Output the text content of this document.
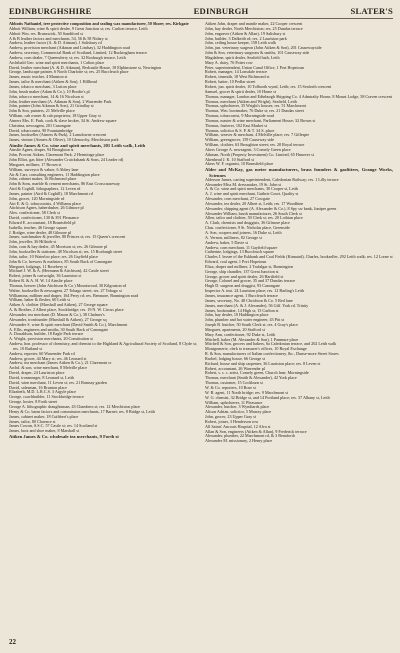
EDINBURGHSHIRE	EDINBURGH	SLATER'S

Abbotts Nathaniel, tree protective composition and sealing wax manufacturer, 50 Shore; res. Kirkgate

Abbott William, wine & spirit dealer, 9 Great Junction st; res. Carlton terrace, Leith

Abbott Wm. res. Brunswick, 50 Sandiford st

A & B leather factors and merchants, 54, 56 & 58 Nidary st

Andrew, leather factor (A. & D. Aitman), 1 Salisbury rd

Andrew, provision merchant (Aikman and Lindsay), 32 Haddington road

Andrew, secretary, Commercial Bank of Scotland, Limited, 12 Buckingham terrace

Andrew, corn dealer, 7 Queensferry st; res. 32 Roxburgh terrace, Leith

Archibald Geo. wine and spirit merchants, 1 Calton place

David, leather merchant (A. & D. Aikman), Redcastle House, 18 Elphinstone st, Newington

George, landscape painter, 6 North Charlotte st; res. 25 Buccleuch place

James, music teacher, 4 Mansion st

James, tailor & merchant (Aitken & Son), 1 Hillhead

James, tobacco merchant, 3 Lutton place

John, brush maker (Adam & Co.), 10 Brodie's pl

John, tobacco merchant, 14 & 16 Nicolson st

John, leather merchant (A. Aikman & Son), 2 Warrender Park

John, painter (John Aikman & Son), 21 Grindlay st

John & Son, painters, 21 Melville place

William, cab owner & cab proprietor, 18 Upper Gray st

Aimers Mrs. E. Park, cook & slave broker, 34 St. Andrew square

Christina, newsagent, 201 Canongate

David, tobacconist, 90 Fountainbridge

James, bookseller (Aimers & Park), 2 Lansdowne crescent

James, vintner (Aimers & Oliver), 10 Glenorchy, Merchiston park

Ainslie James & Co. wine and spirit merchants, 201 Leith walk, Leith

Ainslie Agnes, draper, 94 Broughton st

John, Provost Aitken, Claremont Park, 2 Hermitage place

John Elliot, gas fitter (Alexander Cruickshank & Sons, 24 Leader rd)

Margaret, milliner, 17 Brown st

William, surveyor & valuer, 6 Abbey lane

Air & Carr, consulting engineers, 11 Haddington place

John, cabinet maker, 16 Richmond place

John & Sons, marble & cement merchants, 86 East Crosscauseway

Aird & Coghill, lithographers, 12 Leven rd

James, painter (Aird & Coghill), 18 Marchmont rd

John, grocer, 120 Morningside rd

Airt E. & G. tobacconists, 4 Williams place

Aitchison Agnes, haberdasher, 26 Gilmore pl

Alex. confectioner, 58 Clerk st

David, confectioner, 130 & 391 Pleasance

Edward E. accountant, 18 Bruntsfield pl

Isabella, teacher, 46 George square

J. Rodger, wine dealer, 48 Gilmore pl

James, watchmaker & jeweller, 80 Princes st; res. 15 Queen's crescent

John, jeweller, 36 Hillside st

John, corn & hay dealer, 45 Morrison st; res. 26 Gilmore pl

John, bookseller & stationer, 48 Nicolson st; res. 15 Roxburgh street

John, tailor, 10 Waterloo place; res. 26 Gayfield place

John & Co. brewers & maltsters, 85 South Back of Canongate

Margaret, lodgings, 11 Rosebery st

Michael J. W. & A. (Hermann & Aitchison), 42 Castle street

Robert, joiner & cartwright, 36 Lauriston st

Robert R. & A. H. W. 14 Ainslie place

Thomas, brewer (John Aitchison & Co.) Mountwood, 30 Kilgraston rd

Walter, bookseller & newsagent, 27 Tobago street; res. 27 Tobago st

Williamina, milliner and draper, 164 Perry rd; res. Benmore, Bonnington road

William, baker & flesher, 60 Leith st

Aitken A. clothier (Marshall and Aitken), 27 George square

A. & Brother, 2 Albert place, Stockbridge; res. 19 N. W. Circus place

Alexander, tea merchant (D. Mason & Co.), 38 Chalmer's

Alexander, ironfounder (Marshall & Aitken), 27 George sq

Alexander S. wine & spirit merchant (David Smith & Co.), Marchmont

A. Ellis, engineers and smiths, 30 South Back of Canongate

A. Donaldson, builder, 18 Eagle Park terrace

A. Wright, provision merchants, 20 Constitution st

Andrew, hon. professor of chemistry, and chemist to the Highland & Agricultural Society of Scotland, 8 Clyde st; res. 10 Rutland st

Andrew, reporter, 60 Warrender Park rd

Andrew, grocer, 44 Mary st; res. 46 Leonard st

Andrew, tea merchant (James Aitken & Co.), 21 Claremont cr

Archd. & son, wine merchant, 8 Melville place

David, draper, 24 Lauriston place

David, ironmonger, 8 Leonard st, Leith

David, wine merchant, 11 Leven st; res. 21 Ramsay garden

David, salesman, 16 Brunton place

Elizabeth, M.D. L.R.C.S. 3 Argyle place

George, coachbuilder, 11 Stockbridge terrace

George, hosier, 8 Forth street

George A. lithographic draughtsman, 43 Chambers st; res. 12 Merchiston place

Henry & Co. barm factors and commission merchants, 17 Barnet; res. 8 Bridge st, Leith

James, cabinet maker, 18 Cuthbert's place

James, tailor, 80 Clarence st

James Cowan, S.S.C. 57 Castle st; res. 14 Scotland st

James, boot and shoe maker, 8 Marshall st

Aitken James & Co. wholesale tea merchants, 9 Forth st

Aitken John, draper and mantle maker, 22 Cooper crescent

John, hay dealer, North Merchiston; res. 25 Dundas terrace

John, engraver (Aitken & Allan), 19 Salisbury st

John, builder, 3 Dalkeith rd; res. 2 Lauriston park

John, ceiling house keeper, 158 Leith walk

John, jun. veterinary surgeon (John Aitken & Son), 201 Causewayside

John & Son, veterinary surgeons & smiths, 101 Causeway side

Magdalene, spirit dealer, Seafield bath, Leith

Mary A. dairy, 76 Potter row

Peter, superintendent, Union Canal Office, 1 Port Hopetoun

Robert, manager, 14 Lonsdale terrace

Robert, tinsmith, 18 West Richmond st

Robert, hatter, 10 Pedlar street

Robert, jun. spirit dealer, 10 Tolbooth wynd, Leith; res. 15 Seaforth crescent

Samuel, grocer & spirit dealer, 10 Home st

Thomas, manager, London and Edinburgh Shipping Co. 4 Admiralty House, 8 Mount Lodge, 58 Craven crescent

Thomas, merchant (Aitken and Wright), Seafield, Leith

Thomas, upholsterer, 35 Wright's houses; res. 51 Marchmont

Thomas, Wm. bootmaker, 76 Duke st; res. 21 Dundas street

Thomas, tobacconist, 9 Morningside road

Thomas, master & wine merchant, Parliament House; 32 Brown st

Thomas, fruiterer, 102 East Market st

Thomas, solicitor & S. P. & T. 34 S. place

William, weaver & merchant, 4 Melville place; res. 7 Gillespie

William, greengrocer, 159 Causeway side

William, clothier, 63 Broughton street; res. 20 Royal terrace

Akers George A. newsagent, 3 Comely Green place

Aikman, North (Property Investment) Co. Limited, 65 Hanover st

Akenhead J. K. 10 Stafford st

Akers W. F. organist, 10 Brunsfield place

Alder and McKay, gas meter manufacturers, brass founders & gasfitters, Grange Works, Sciennes

Alderson James, carting superintendent, Caledonian Railway; res. 1 Lilly terrace

Alexander Miss M. dressmaker, 19 St. John st

A. & Co. wine and spirit merchants, 30 Cooper st, Leith

A. J. wine and spirit merchant, Guthrie Court, Quality st

Alexander, corn merchant, 27 Cowgate

Alexander, tea dealer, 20 Albert st, Leith; res. 17 Woodbine

Alexander, shipping agent (A. Alexander & Co.), 8 Spy sw bank, Juniper green

Alexander William, brush manufacturer, 26 South Clerk st

Allen, tailor and clothier, 50 Clerk st; res. 20 Lothian place

A. Clark, chemists and druggists, 36 Gilmore place

Chas. confectioner, 9 St. Nicholas place, Greenside

A. Son, coopers and joiners, 16 Duke st, Leith

A. Vernon, milliners, 82 George st

Andrew, baker, 5 Davie st

Andrew, corn merchant, 11 Gayfield square

Catherine, lodgings, 13 Buccleuch square

Charles J. lessee of the Eskbank and Coal Fields (Kinnaird), Charles, bookseller, 292 Leith walk; res. 12 Lorne st

Edward, coal agent, 1 Port Hopetoun

Eliza, draper and milliner, 2 Trafalgar st, Bonnington

George, ship chandler, 137 Great Junction st

George, grocer and spirit dealer, 26 Hartfield st

George, Colonel and grocer, 35 and 37 Dundas terrace

Hugh D. surgeon and druggist, 93 Canongate

Inspector A. inst. 24 Lauriston place; res. 12 Barling's Leith

James, insurance agent, 1 Buccleuch terrace

James, secretary, No. 48 Chrichton & Co. 5 Red lane

James, merchant (A. & J. Alexander), 56 Gilf. York rd. Trinity

James, bookmaker, 14 High st; 15 Carlton st

John, hay dealer, 10 Haddington place

John, plumber and hot water engineer, 43 Pitt st

Joseph B. butcher, 50 South Clerk st; res. 4 Gray's place

Margaret, apartments, 20 Stafford st

Mary Ann, confectioner, 92 Duke st, Leith

Mitchell, baker (M. Alexander & Son), 1 Panmure place

Mitchell & Son, grocers and bakers, 6a Caledonian terrace, and 202 Leith walk

Montgomerie, clerk to treasurer's offices, 10 Royal Exchange

R. & Son, manufacturers of Italian confectionery, &c., Dunse-more Street Stores

Rachel, lodging house, 66 George st

Richard, house and ship carpenter, 36 Lauriston place; res. 8 Leven st

Robert, accountant, 26 Warrender pl

Robert, s. s. c. artist, Comely green, Church lane, Morningside

Thomas, merchant (Smith & Alexander), 42 York place

Thomas, customer, 15 Cockburn st

W. & Co. reporters, 10 Rose st

W. B. agent, 11 North bridge; res. 9 Marchmont st

W. G. chemist, 32 Bridge st, and 14 Portland place; res. 37 Albany st, Leith

William, upholsterer, 11 Pleasance

Alexander, butcher, 3 Wyndiards place

Alison Adrian, solicitor, 5 Murray place

John, grocer, 23 Upper Gray st

Robert, joiner, 3 Henderson row

All Saints' Ancoats Hospital, 12 Alva st

Allan & Son, engineers (Aitken & Allan), 9 Frederick terrace

Alexander, plumber, 22 Marchmont rd, & 3 Benaforth

Alexander M. missionary, 2 Henry place

22
